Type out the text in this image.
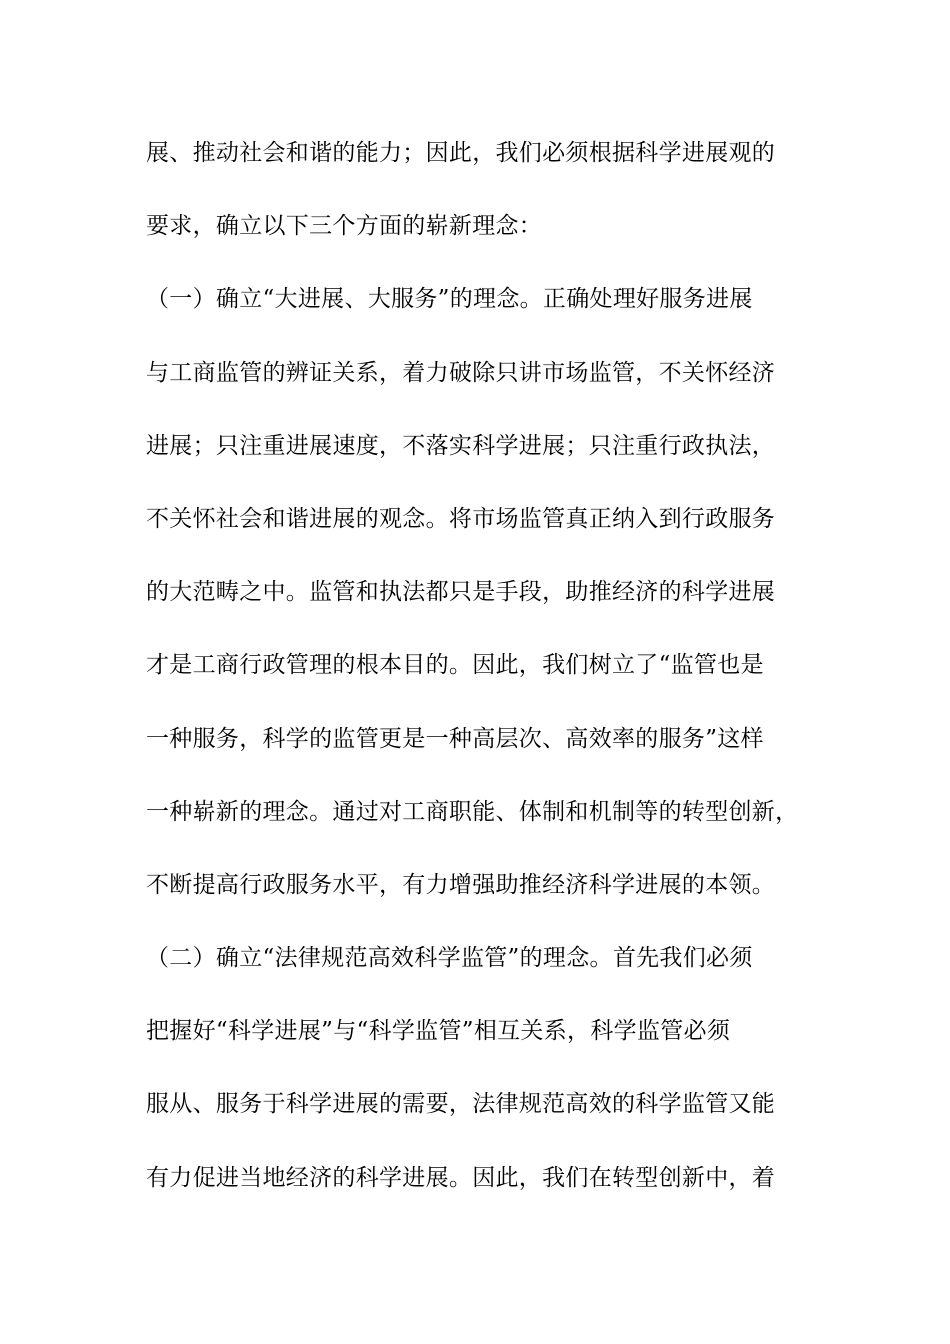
展、推动社会和谐的能力；因此，我们必须根据科学进展观的
要求，确立以下三个方面的崭新理念：
（一）确立“大进展、大服务”的理念。正确处理好服务进展
与工商监管的辨证关系，着力破除只讲市场监管，不关怀经济
进展；只注重进展速度，不落实科学进展；只注重行政执法，
不关怀社会和谐进展的观念。将市场监管真正纳入到行政服务
的大范畴之中。监管和执法都只是手段，助推经济的科学进展
才是工商行政管理的根本目的。因此，我们树立了“监管也是
一种服务，科学的监管更是一种高层次、高效率的服务”这样
一种崭新的理念。通过对工商职能、体制和机制等的转型创新，
不断提高行政服务水平，有力增强助推经济科学进展的本领。
（二）确立“法律规范高效科学监管”的理念。首先我们必须
把握好“科学进展”与“科学监管”相互关系，科学监管必须
服从、服务于科学进展的需要，法律规范高效的科学监管又能
有力促进当地经济的科学进展。因此，我们在转型创新中，着
